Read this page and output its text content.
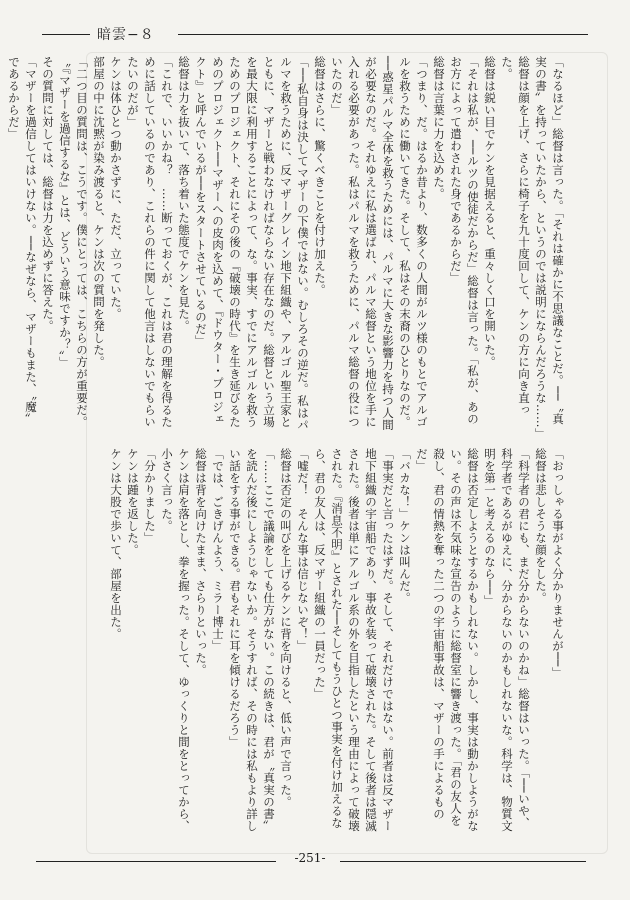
暗雲−８

「なるほど」総督は言った。「それは確かに不思議なことだ。──〝真実の書〟を持っていたから、というのでは説明にならんだろうな……」

総督は顔を上げ、さらに椅子を九十度回して、ケンの方に向き直った。

総督は鋭い目でケンを見据えると、重々しく口を開いた。

「それは私が、──ルツの使徒だからだ」総督は言った。「私が、あのお方によって遣わされた身であるからだ」

総督は言葉に力を込めた。

「つまり、だ。はるか昔より、数多くの人間がルツ様のもとでアルゴルを救うために働いてきた。そして、私はその末裔のひとりなのだ。──惑星パルマ全体を救うためには、パルマに大きな影響力を持つ人間が必要なのだ。それゆえに私は選ばれ、パルマ総督という地位を手に入れる必要があった。私はパルマを救うために、パルマ総督の役についたのだ」

総督はさらに、驚くべきことを付け加えた。

「──私自身は決してマザーの下僕ではない。むしろその逆だ。私はパルマを救うために、反マザーグレイン地下組織や、アルゴル聖王家とともに、マザーと戦わなければならない存在なのだ。総督という立場を最大限に利用することによって、な。事実、すでにアルゴルを救うためのプロジェクト、それにその後の『破壊の時代』を生き延びるためのプロジェクト──マザーへの皮肉を込めて、『ドウター・プロジェクト』と呼んでいるが──をスタートさせているのだ」

総督は力を抜いて、落ち着いた態度でケンを見た。

「これで、いいかね？　……断っておくが、これは君の理解を得るために話しているのであり、これらの件に関して他言はしないでもらいたいのだが」

ケンは体ひとつ動かさずに、ただ、立っていた。

部屋の中に沈黙が染み渡ると、ケンは次の質問を発した。

「二つ目の質問は、こうです。僕にとっては、こちらの方が重要だ。〝『マザーを過信するな』とは、どういう意味ですか？〟」

その質問に対しては、総督は力を込めずに答えた。

「マザーを過信してはいけない。──なぜなら、マザーもまた、〝魔〟であるからだ」

「おっしゃる事がよく分かりませんが──」

総督は悲しそうな顔をした。

「科学者の君にも、まだ分からないのかね」総督はいった。「──いや、科学者であるがゆえに、分からないのかもしれないな。科学は、物質文明を第一と考えるのなら──」

総督は否定しようとするかもしれない。しかし、事実は動かしようがない。その声は不気味な宣告のように総督室に響き渡った。「君の友人を殺し、君の情熱を奪った二つの宇宙船事故は、マザーの手によるものだ」

「バカな！」ケンは叫んだ。

「事実だと言ったはずだ。そして、それだけではない。前者は反マザー地下組織の宇宙船であり、事故を装って破壊された。そして後者は隠滅された。後者は単にアルゴル系の外を目指したという理由によって破壊された。『消息不明』とされた──そしてもうひとつ事実を付け加えるなら、君の友人は、反マザー組織の一員だった」

「嘘だ！　そんな事は信じないぞ！」

総督は否定の叫びを上げるケンに背を向けると、低い声で言った。

「……ここで議論をしても仕方がない。この続きは、君が〝真実の書〟を読んだ後にしようじゃないか。そうすれば、その時には私もより詳しい話をする事ができる。君もそれに耳を傾けるだろう」

「では、ごきげんよう、ミラー博士」

総督は背を向けたまま、さらりといった。

ケンは肩を落とし、拳を握った。そして、ゆっくりと間をとってから、小さく言った。

「分かりました」

ケンは踵を返した。

ケンは大股で歩いて、部屋を出た。

-251-
